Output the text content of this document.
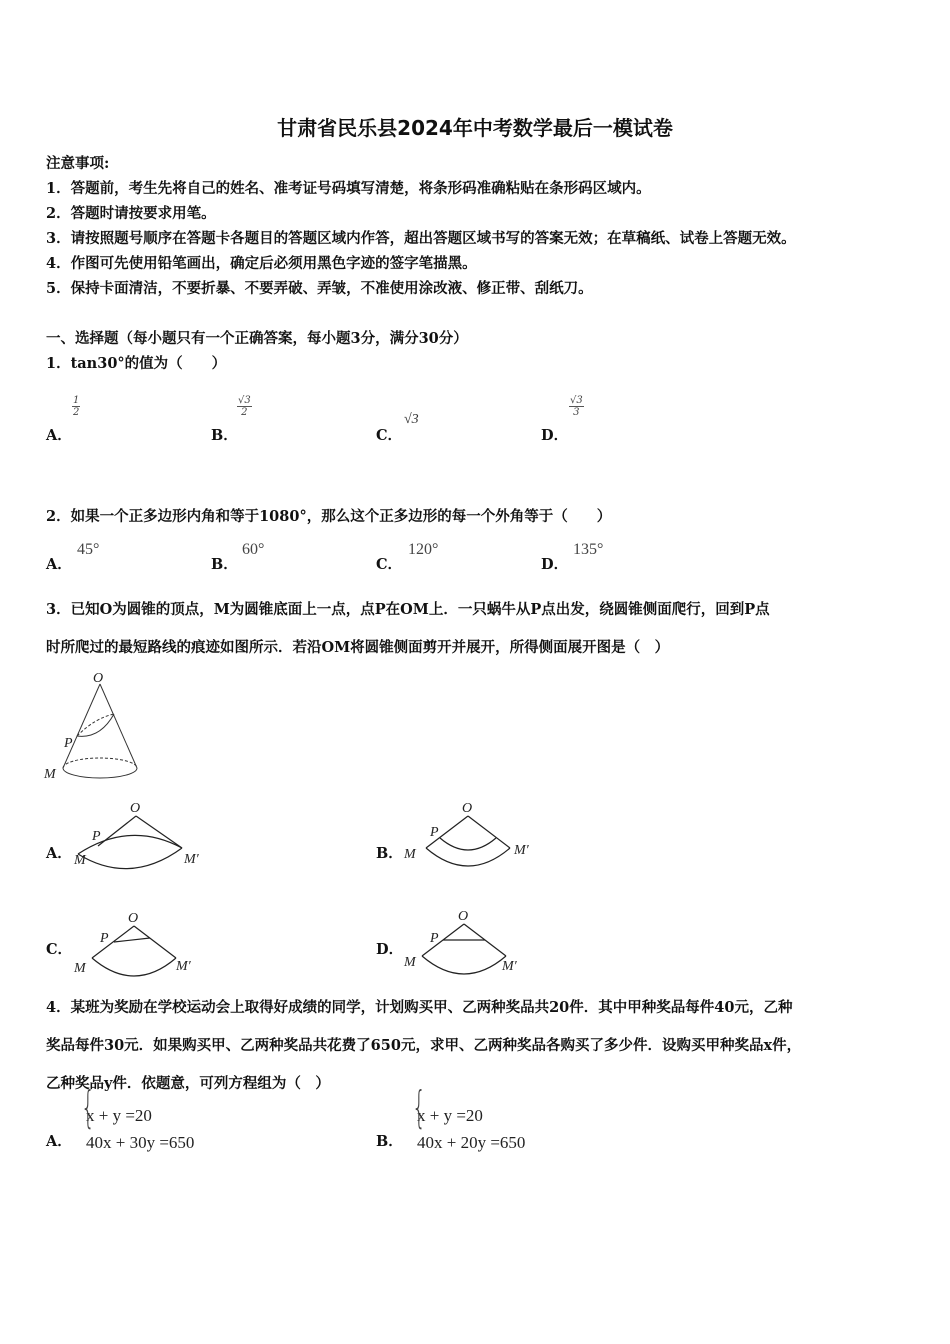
甘肃省民乐县2024年中考数学最后一模试卷
注意事项:
1．答题前，考生先将自己的姓名、准考证号码填写清楚，将条形码准确粘贴在条形码区域内。
2．答题时请按要求用笔。
3．请按照题号顺序在答题卡各题目的答题区域内作答，超出答题区域书写的答案无效；在草稿纸、试卷上答题无效。
4．作图可先使用铅笔画出，确定后必须用黑色字迹的签字笔描黑。
5．保持卡面清洁，不要折暴、不要弄破、弄皱，不准使用涂改液、修正带、刮纸刀。
一、选择题（每小题只有一个正确答案，每小题3分，满分30分）
1．tan30°的值为（　　）
A．
$\frac{1}{2}$
B．
$\frac{√3}{2}$
C．
√3
D．
$\frac{√3}{3}$
2．如果一个正多边形内角和等于1080°，那么这个正多边形的每一个外角等于（　　）
A．
45°
B．
60°
C．
120°
D．
135°
3．已知O为圆锥的顶点，M为圆锥底面上一点，点P在OM上．一只蜗牛从P点出发，绕圆锥侧面爬行，回到P点
时所爬过的最短路线的痕迹如图所示．若沿OM将圆锥侧面剪开并展开，所得侧面展开图是（　）
O
P
M
A．
O
P
M	M′	B．
O
P
M	M′
C．
O
P
M	M′
D．
O
P
M	M′
4．某班为奖励在学校运动会上取得好成绩的同学，计划购买甲、乙两种奖品共20件．其中甲种奖品每件40元，乙种
奖品每件30元．如果购买甲、乙两种奖品共花费了650元，求甲、乙两种奖品各购买了多少件．设购买甲种奖品x件，
乙种奖品y件．依题意，可列方程组为（　）
A．
{
x + y =20
40x + 30y =650	B．
{
x + y =20
40x + 20y =650
